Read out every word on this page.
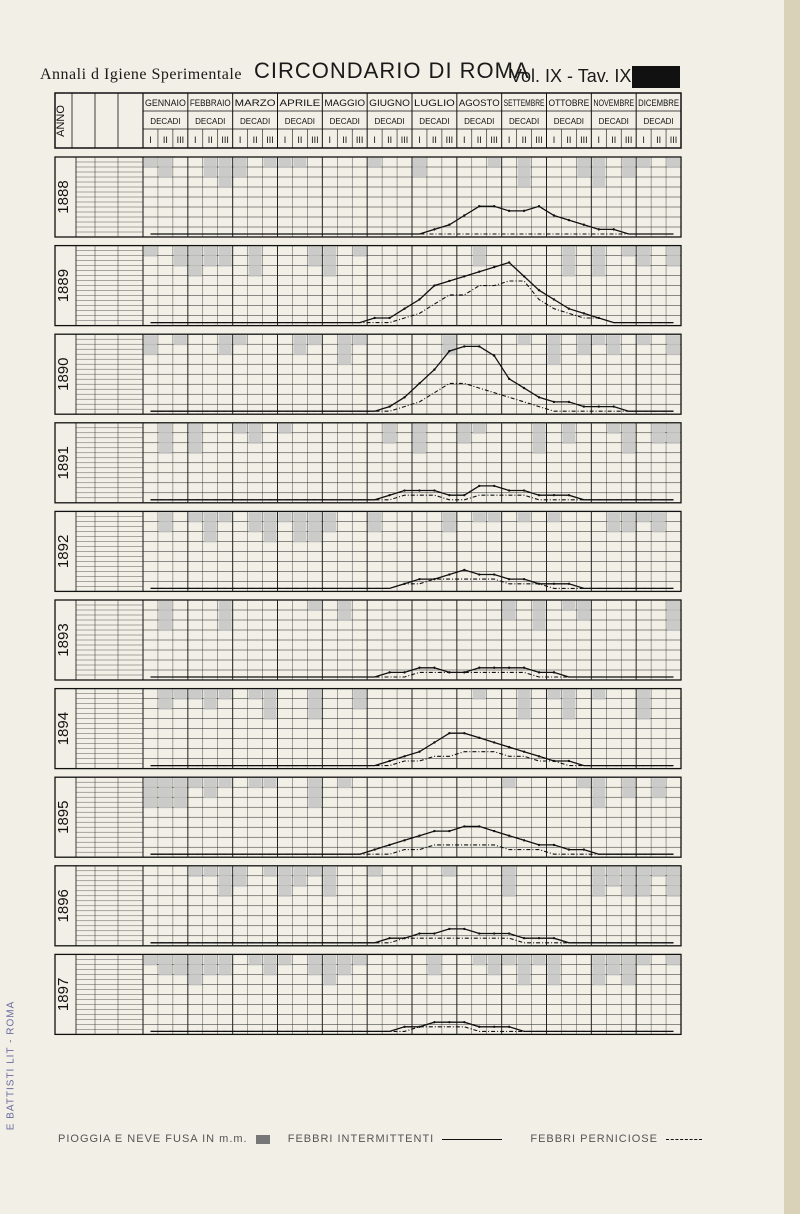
Annali d Igiene Sperimentale CIRCONDARIO DI ROMA
Vol. IX - Tav. IX
ANNO
GENNAIO
DECADI
I II III
FEBBRAIO
DECADI
I II III
MARZO
DECADI
I II III
APRILE
DECADI
I II III
MAGGIO
DECADI
I II III
GIUGNO
DECADI
I II III
LUGLIO
DECADI
I II III
AGOSTO
DECADI
I II III
SETTEMBRE
DECADI
I II III
OTTOBRE
DECADI
I II III
NOVEMBRE
DECADI
I II III
DICEMBRE
DECADI
I II III
1888
1889
1890
1891
1892
1893
1894
1895
1896
1897
E BATTISTI LIT - ROMA
PIOGGIA E NEVE FUSA IN m.m.	FEBBRI INTERMITTENTI	FEBBRI PERNICIOSE
